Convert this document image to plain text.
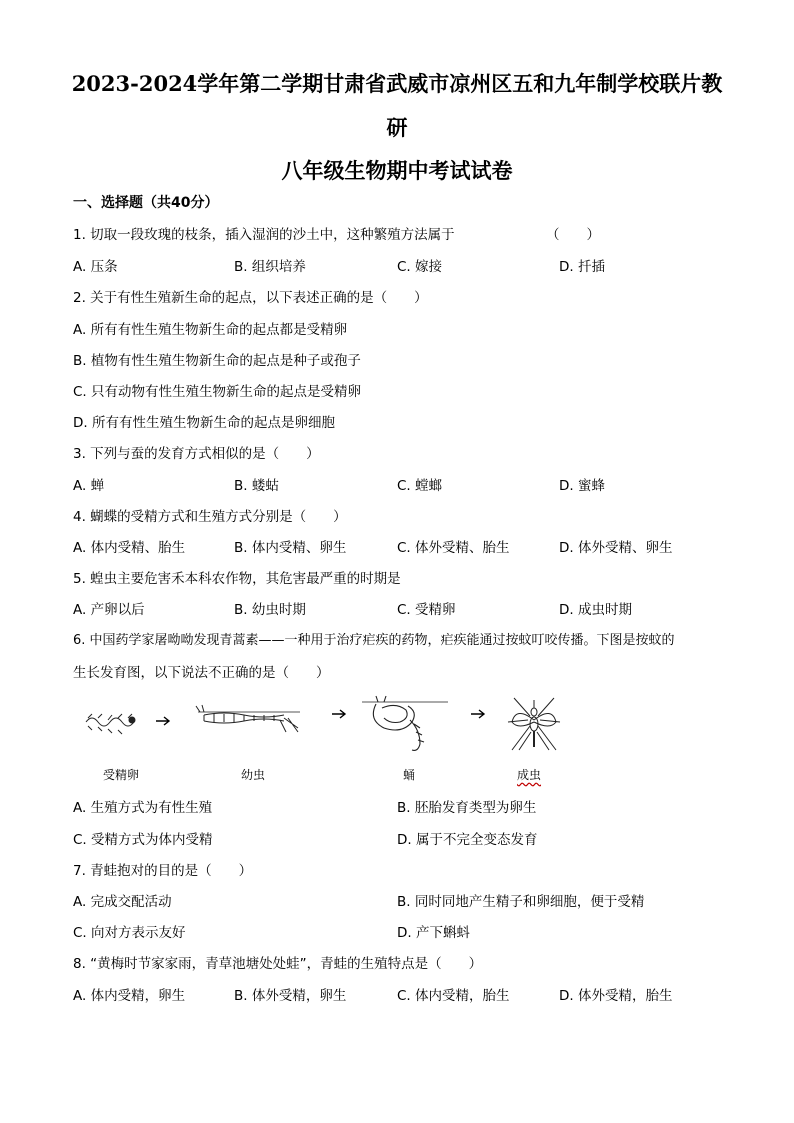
2023-2024学年第二学期甘肃省武威市凉州区五和九年制学校联片教
研
八年级生物期中考试试卷
一、选择题（共40分）
1. 切取一段玫瑰的枝条，插入湿润的沙土中，这种繁殖方法属于	（　　）
A. 压条	B. 组织培养	C. 嫁接	D. 扦插
2. 关于有性生殖新生命的起点，以下表述正确的是（　　）
A. 所有有性生殖生物新生命的起点都是受精卵
B. 植物有性生殖生物新生命的起点是种子或孢子
C. 只有动物有性生殖生物新生命的起点是受精卵
D. 所有有性生殖生物新生命的起点是卵细胞
3. 下列与蚕的发育方式相似的是（　　）
A. 蝉	B. 蝼蛄	C. 螳螂	D. 蜜蜂
4. 蝴蝶的受精方式和生殖方式分别是（　　）
A. 体内受精、胎生	B. 体内受精、卵生	C. 体外受精、胎生	D. 体外受精、卵生
5. 蝗虫主要危害禾本科农作物，其危害最严重的时期是
A. 产卵以后	B. 幼虫时期	C. 受精卵	D. 成虫时期
6. 中国药学家屠呦呦发现青蒿素——一种用于治疗疟疾的药物，疟疾能通过按蚊叮咬传播。下图是按蚊的
生长发育图，以下说法不正确的是（　　）
受精卵	幼虫	蛹	成虫
A. 生殖方式为有性生殖	B. 胚胎发育类型为卵生
C. 受精方式为体内受精	D. 属于不完全变态发育
7. 青蛙抱对的目的是（　　）
A. 完成交配活动	B. 同时同地产生精子和卵细胞，便于受精
C. 向对方表示友好	D. 产下蝌蚪
8. “黄梅时节家家雨，青草池塘处处蛙”，青蛙的生殖特点是（　　）
A. 体内受精，卵生	B. 体外受精，卵生	C. 体内受精，胎生	D. 体外受精，胎生
